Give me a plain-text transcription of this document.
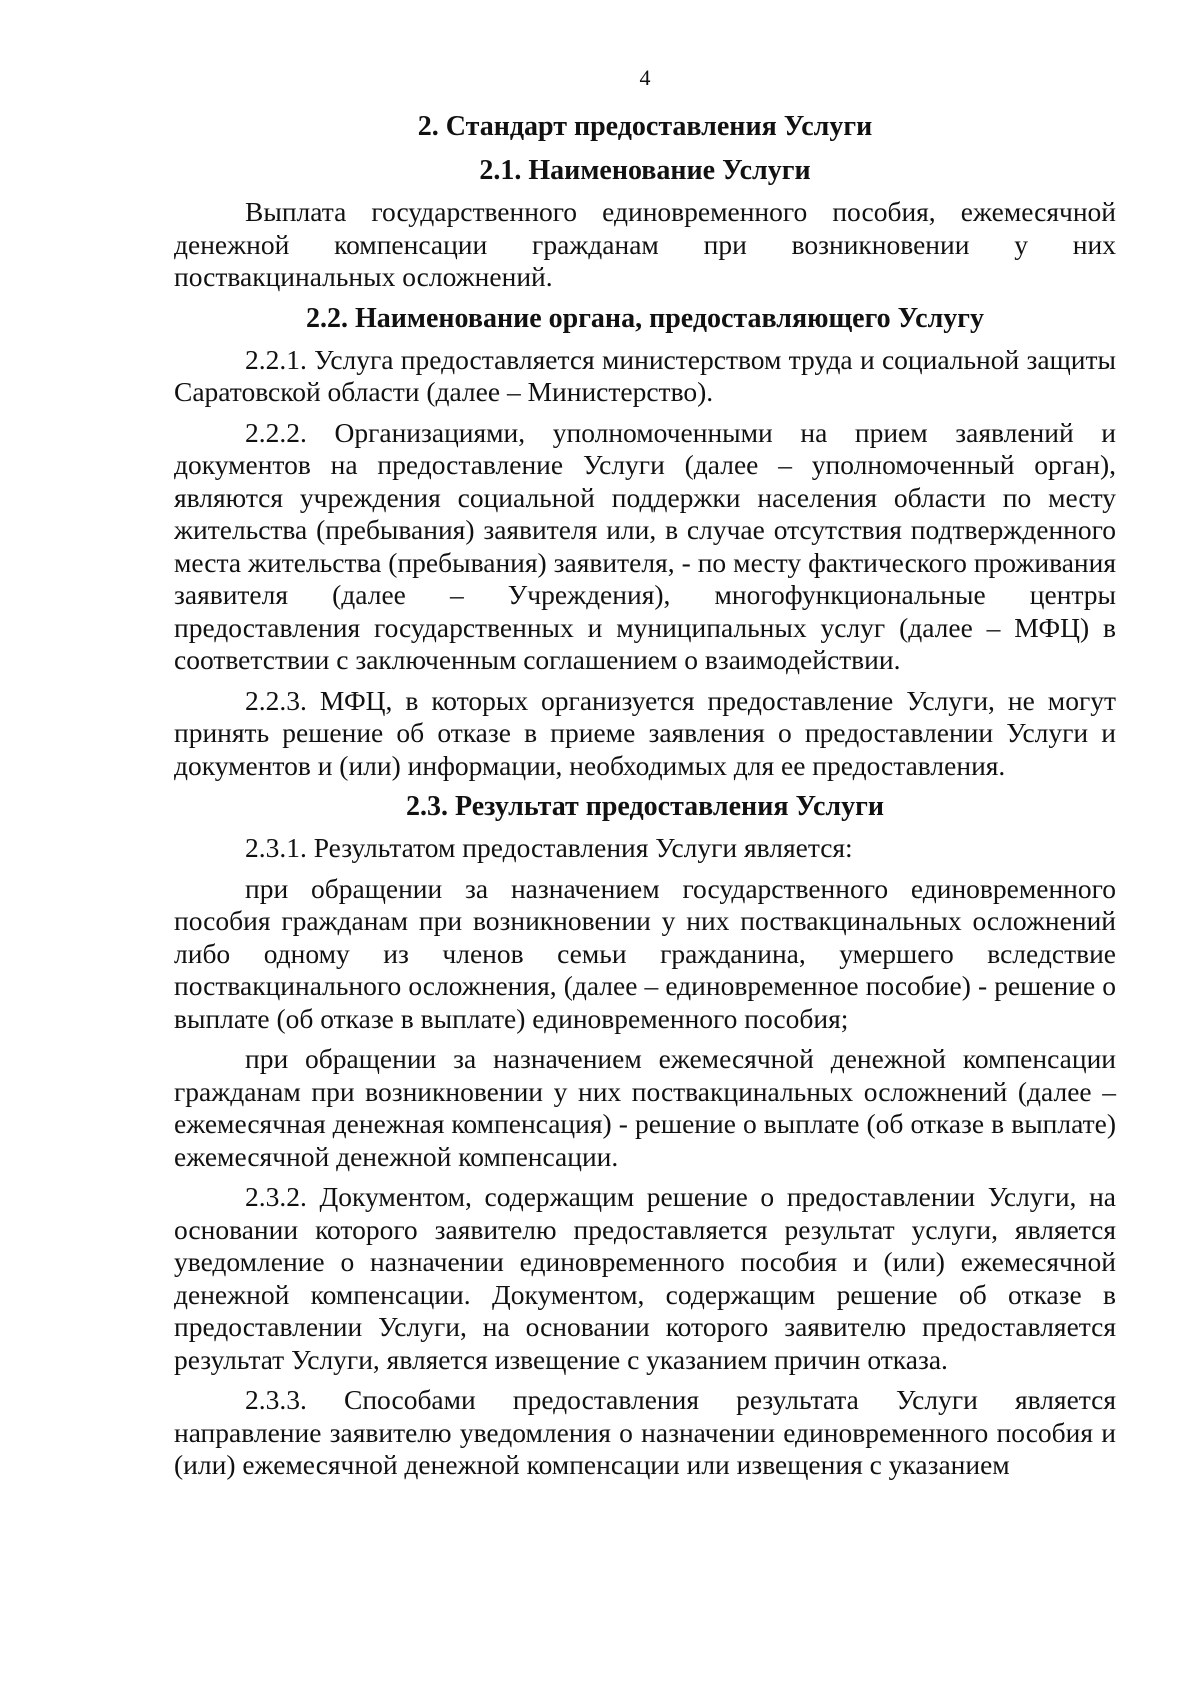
4
2. Стандарт предоставления Услуги
2.1. Наименование Услуги

Выплата государственного единовременного пособия, ежемесячной денежной компенсации гражданам при возникновении у них поствакцинальных осложнений.

2.2. Наименование органа, предоставляющего Услугу

2.2.1. Услуга предоставляется министерством труда и социальной защиты Саратовской области (далее – Министерство).

2.2.2. Организациями, уполномоченными на прием заявлений и документов на предоставление Услуги (далее – уполномоченный орган), являются учреждения социальной поддержки населения области по месту жительства (пребывания) заявителя или, в случае отсутствия подтвержденного места жительства (пребывания) заявителя, - по месту фактического проживания заявителя (далее – Учреждения), многофункциональные центры предоставления государственных и муниципальных услуг (далее – МФЦ) в соответствии с заключенным соглашением о взаимодействии.

2.2.3. МФЦ, в которых организуется предоставление Услуги, не могут принять решение об отказе в приеме заявления о предоставлении Услуги и документов и (или) информации, необходимых для ее предоставления.

2.3. Результат предоставления Услуги

2.3.1. Результатом предоставления Услуги является:

при обращении за назначением государственного единовременного пособия гражданам при возникновении у них поствакцинальных осложнений либо одному из членов семьи гражданина, умершего вследствие поствакцинального осложнения, (далее – единовременное пособие) - решение о выплате (об отказе в выплате) единовременного пособия;

при обращении за назначением ежемесячной денежной компенсации гражданам при возникновении у них поствакцинальных осложнений (далее – ежемесячная денежная компенсация) - решение о выплате (об отказе в выплате) ежемесячной денежной компенсации.

2.3.2. Документом, содержащим решение о предоставлении Услуги, на основании которого заявителю предоставляется результат услуги, является уведомление о назначении единовременного пособия и (или) ежемесячной денежной компенсации. Документом, содержащим решение об отказе в предоставлении Услуги, на основании которого заявителю предоставляется результат Услуги, является извещение с указанием причин отказа.

2.3.3. Способами предоставления результата Услуги является направление заявителю уведомления о назначении единовременного пособия и (или) ежемесячной денежной компенсации или извещения с указанием
